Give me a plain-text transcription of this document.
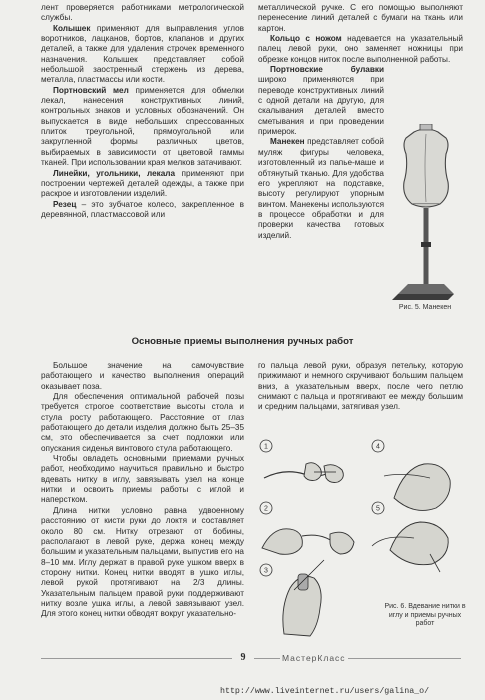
лент проверяется работниками метрологической службы.

Колышек применяют для выправления углов воротников, лацканов, бортов, клапанов и других деталей, а также для удаления строчек временного назначения. Колышек представляет собой небольшой заостренный стержень из дерева, металла, пластмассы или кости.

Портновский мел применяется для обмелки лекал, нанесения конструктивных линий, контрольных знаков и условных обозначений. Он выпускается в виде небольших спрессованных плиток треугольной, прямоугольной или закругленной формы различных цветов, выбираемых в зависимости от цветовой гаммы тканей. При использовании края мелков затачивают.

Линейки, угольники, лекала применяют при построении чертежей деталей одежды, а также при раскрое и изготовлении изделий.

Резец – это зубчатое колесо, закрепленное в деревянной, пластмассовой или

металлической ручке. С его помощью выполняют перенесение линий деталей с бумаги на ткань или картон.

Кольцо с ножом надевается на указательный палец левой руки, оно заменяет ножницы при обрезке концов ниток после выполненной работы.

Портновские булавки широко применяются при переводе конструктивных линий с одной детали на другую, для скалывания деталей вместо сметывания и при проведении примерок.

Манекен представляет собой муляж фигуры человека, изготовленный из папье-маше и обтянутый тканью. Для удобства его укрепляют на подставке, высоту регулируют упорным винтом. Манекены используются в процессе обработки и для проверки качества готовых изделий.

Рис. 5. Манекен
Основные приемы выполнения ручных работ

Большое значение на самочувствие работающего и качество выполнения операций оказывает поза.

Для обеспечения оптимальной рабочей позы требуется строгое соответствие высоты стола и стула росту работающего. Расстояние от глаз работающего до детали изделия должно быть 25–35 см, это обеспечивается за счет подложки или опускания сиденья винтового стула работающего.

Чтобы овладеть основными приемами ручных работ, необходимо научиться правильно и быстро вдевать нитку в иглу, завязывать узел на конце нитки и освоить приемы работы с иглой и наперстком.

Длина нитки условно равна удвоенному расстоянию от кисти руки до локтя и составляет около 80 см. Нитку отрезают от бобины, располагают в левой руке, держа конец между большим и указательным пальцами, выпустив его на 8–10 мм. Иглу держат в правой руке ушком вверх в сторону нитки. Конец нитки вводят в ушко иглы, левой рукой протягивают на 2/3 длины. Указательным пальцем правой руки поддерживают нитку возле ушка иглы, а левой завязывают узел. Для этого конец нитки обводят вокруг указательно-

го пальца левой руки, образуя петельку, которую прижимают и немного скручивают большим пальцем вниз, а указательным вверх, после чего петлю снимают с пальца и протягивают ее между большим и средним пальцами, затягивая узел.

1
2
3
4
5
Рис. 6. Вдевание нитки в иглу и приемы ручных работ
9	МастерКласс
http://www.liveinternet.ru/users/galina_o/
